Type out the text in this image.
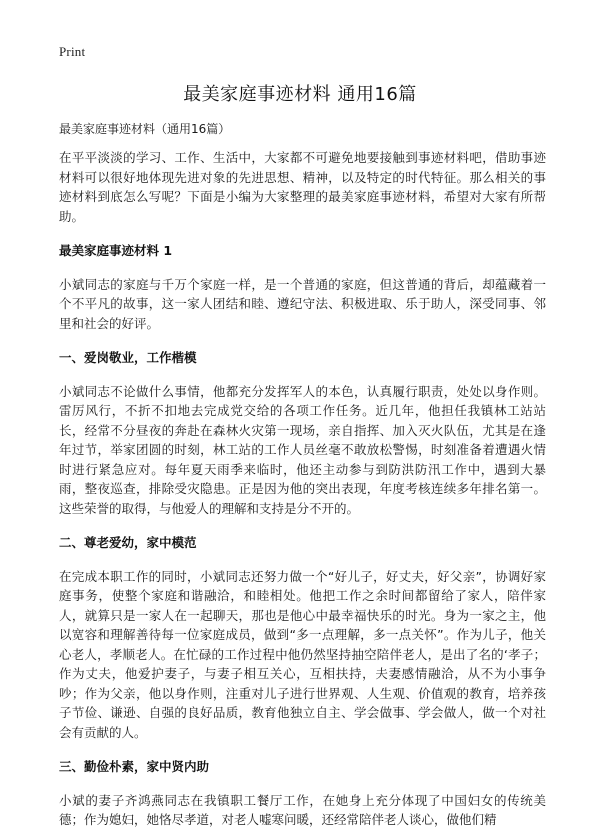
Print
最美家庭事迹材料 通用16篇

最美家庭事迹材料（通用16篇）

在平平淡淡的学习、工作、生活中，大家都不可避免地要接触到事迹材料吧，借助事迹材料可以很好地体现先进对象的先进思想、精神，以及特定的时代特征。那么相关的事迹材料到底怎么写呢？下面是小编为大家整理的最美家庭事迹材料，希望对大家有所帮助。

最美家庭事迹材料 1

小斌同志的家庭与千万个家庭一样，是一个普通的家庭，但这普通的背后，却蕴藏着一个不平凡的故事，这一家人团结和睦、遵纪守法、积极进取、乐于助人，深受同事、邻里和社会的好评。

一、爱岗敬业，工作楷模

小斌同志不论做什么事情，他都充分发挥军人的本色，认真履行职责，处处以身作则。雷厉风行，不折不扣地去完成党交给的各项工作任务。近几年，他担任我镇林工站站长，经常不分昼夜的奔赴在森林火灾第一现场，亲自指挥、加入灭火队伍，尤其是在逢年过节，举家团圆的时刻，林工站的工作人员丝毫不敢放松警惕，时刻准备着遭遇火情时进行紧急应对。每年夏天雨季来临时，他还主动参与到防洪防汛工作中，遇到大暴雨，整夜巡查，排除受灾隐患。正是因为他的突出表现，年度考核连续多年排名第一。这些荣誉的取得，与他爱人的理解和支持是分不开的。

二、尊老爱幼，家中模范

在完成本职工作的同时，小斌同志还努力做一个“好儿子，好丈夫，好父亲”，协调好家庭事务，使整个家庭和谐融洽，和睦相处。他把工作之余时间都留给了家人，陪伴家人，就算只是一家人在一起聊天，那也是他心中最幸福快乐的时光。身为一家之主，他以宽容和理解善待每一位家庭成员，做到“多一点理解，多一点关怀”。作为儿子，他关心老人，孝顺老人。在忙碌的工作过程中他仍然坚持抽空陪伴老人，是出了名的‘孝子；作为丈夫，他爱护妻子，与妻子相互关心，互相扶持，夫妻感情融洽，从不为小事争吵；作为父亲，他以身作则，注重对儿子进行世界观、人生观、价值观的教育，培养孩子节俭、谦逊、自强的良好品质，教育他独立自主、学会做事、学会做人，做一个对社会有贡献的人。

三、勤俭朴素，家中贤内助

小斌的妻子齐鸿燕同志在我镇职工餐厅工作，在她身上充分体现了中国妇女的传统美德；作为媳妇，她恪尽孝道，对老人嘘寒问暖，还经常陪伴老人谈心，做他们精
